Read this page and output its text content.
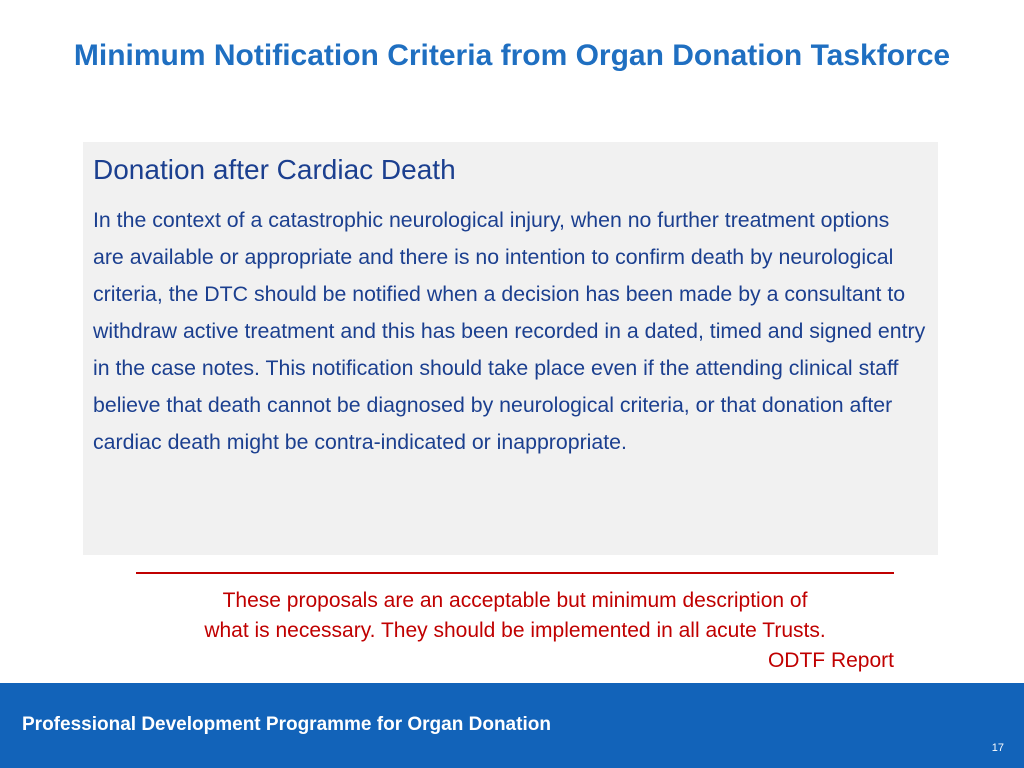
Minimum Notification Criteria from Organ Donation Taskforce
Donation after Cardiac Death

In the context of a catastrophic neurological injury, when no further treatment options are available or appropriate and there is no intention to confirm death by neurological criteria, the DTC should be notified when a decision has been made by a consultant to withdraw active treatment and this has been recorded in a dated, timed and signed entry in the case notes. This notification should take place even if the attending clinical staff believe that death cannot be diagnosed by neurological criteria, or that donation after cardiac death might be contra-indicated or inappropriate.

These proposals are an acceptable but minimum description of
what is necessary. They should be implemented in all acute Trusts.
ODTF Report
Professional Development Programme for Organ Donation
17
